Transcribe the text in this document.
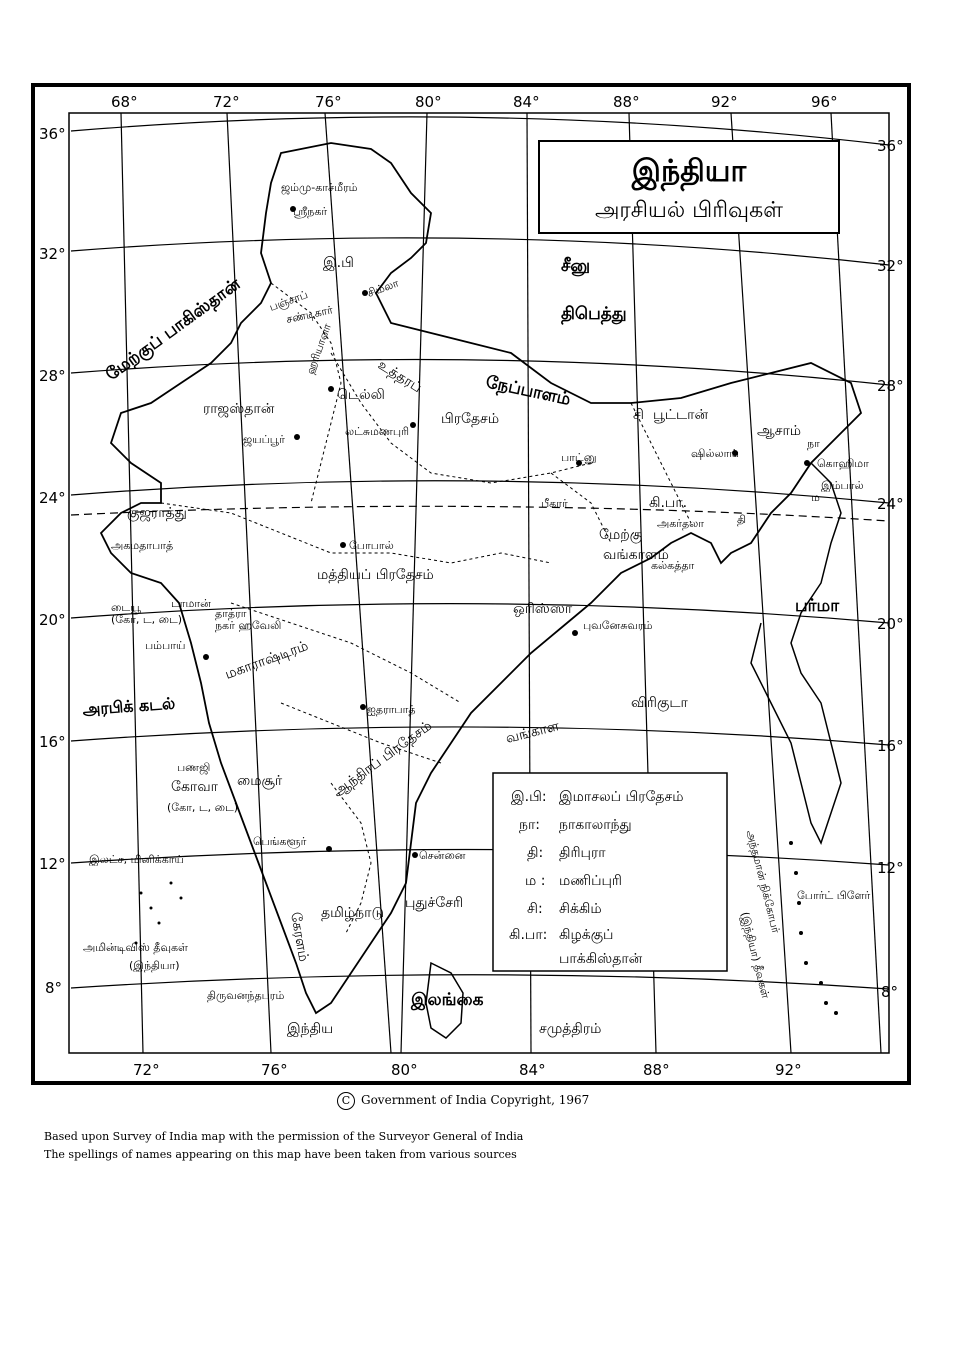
68°	72°	76°	80°	84°	88°	92°	96°
72°	76°	80°	84°	88°	92°
36°
32°
28°
24°
20°
16°
12°
8°
36°
32°
28°
24°
20°
16°
12°
8°
இந்தியா
அரசியல் பிரிவுகள்
சீனு
திபெத்து
மேற்குப் பாகிஸ்தான்
நேப்பாளம்
பர்மா
இலங்கை
அரபிக் கடல்
வங்காள
விரிகுடா
இந்திய	சமுத்திரம்
ஜம்மு-காச்மீரம்
இ.பி
பஞ்சாப்
ஹரியானா
ராஜஸ்தான்
உத்தரப்
பிரதேசம்
குஜராத்து
மத்தியப் பிரதேசம்
மகாராஷ்டிரம்
மைசூர்	ஆந்திரப் பிரதேசம்
தமிழ்நாடு
கேரளம்
ஒரிஸ்ஸா
பீகார்
மேற்கு
வங்காளம்
ஆசாம்
பூட்டான்
சி
கி.பா.
நா
ம
தி
ஸ்ரீநகர்
சிம்லா
சண்டிகார்
டெல்லி
ஜயப்பூர்
லட்சுமணபுரி
பாட்னு	ஷில்லாங்
கொஹிமா
இம்பால்
அகர்தலா
கல்கத்தா
போபால்
அகமதாபாத்
டையூ	டாமான்
(கோ, ட, டை)	தாத்ரா
நகர் ஹவேலி
பம்பாய்
புவனேசுவரம்
ஐதராபாத்
பணஜி
கோவா
(கோ, ட, டை)
பெங்களூர்
சென்னை
புதுச்சேரி
இலட்ச, மினிக்காய்
அமின்டிவிஸ் தீவுகள்
(இந்தியா)
திருவனந்தபுரம்
போர்ட் பிளேர்
அந்தமான் நிக்கோபர்
(இந்தியா) தீவுகள்
இ.பி: இமாசலப் பிரதேசம்
நா: நாகாலாந்து
தி: திரிபுரா
ம : மணிப்புரி
சி: சிக்கிம்
கி.பா: கிழக்குப்
பாக்கிஸ்தான்
C Government of India Copyright, 1967
Based upon Survey of India map with the permission of the Surveyor General of India
The spellings of names appearing on this map have been taken from various sources
